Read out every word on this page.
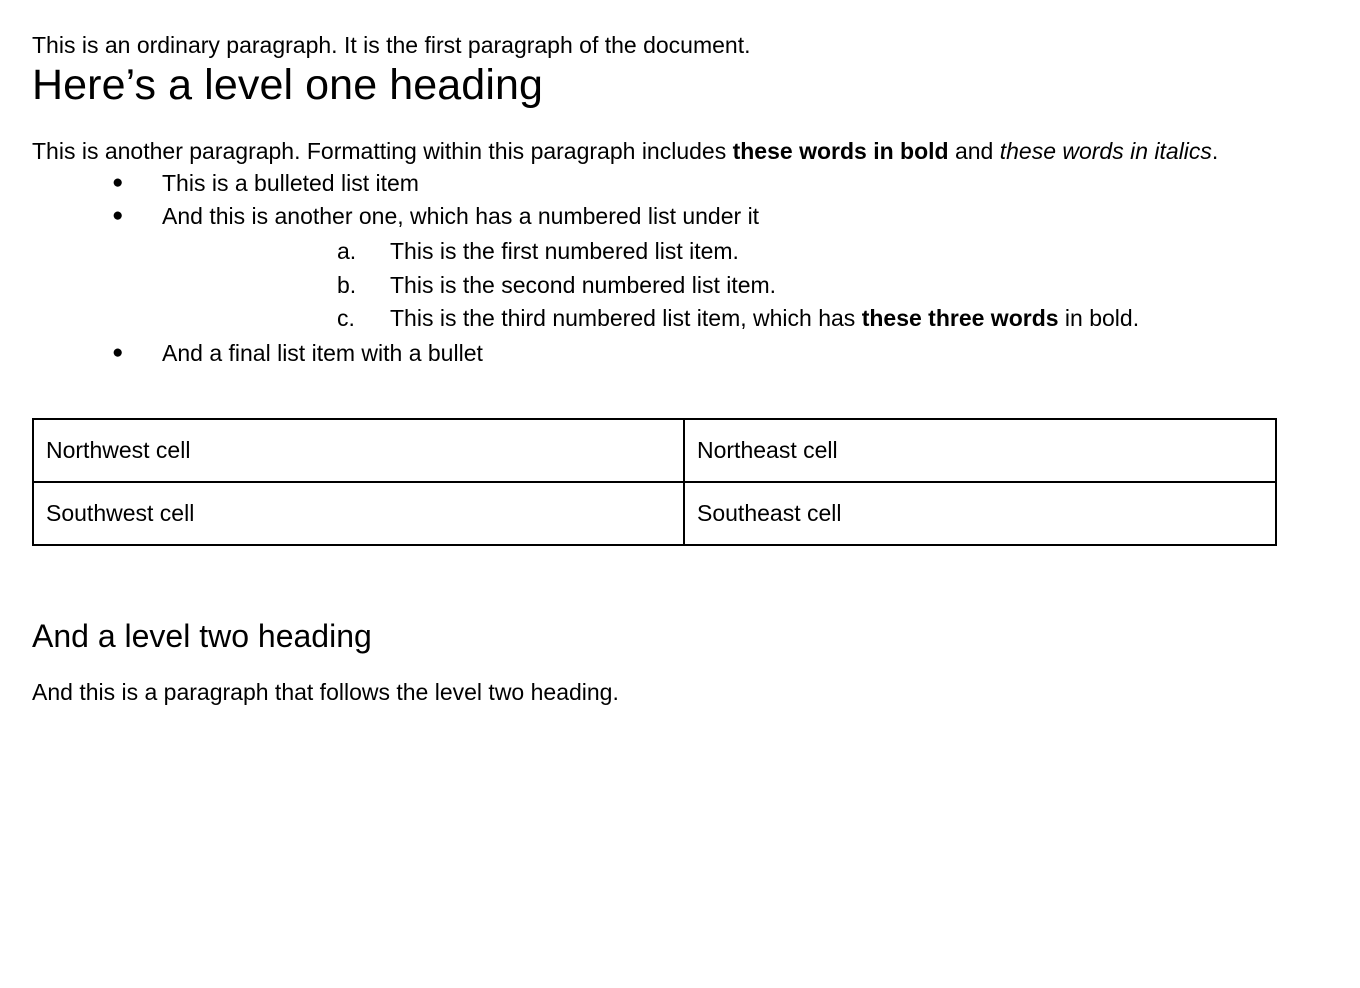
This is an ordinary paragraph. It is the first paragraph of the document.

Here’s a level one heading

This is another paragraph. Formatting within this paragraph includes these words in bold and these words in italics.

● This is a bulleted list item
● And this is another one, which has a numbered list under it
a.	This is the first numbered list item.
b.	This is the second numbered list item.
c.	This is the third numbered list item, which has these three words in bold.
● And a final list item with a bullet
Northwest cell	Northeast cell
Southwest cell	Southeast cell
And a level two heading

And this is a paragraph that follows the level two heading.
